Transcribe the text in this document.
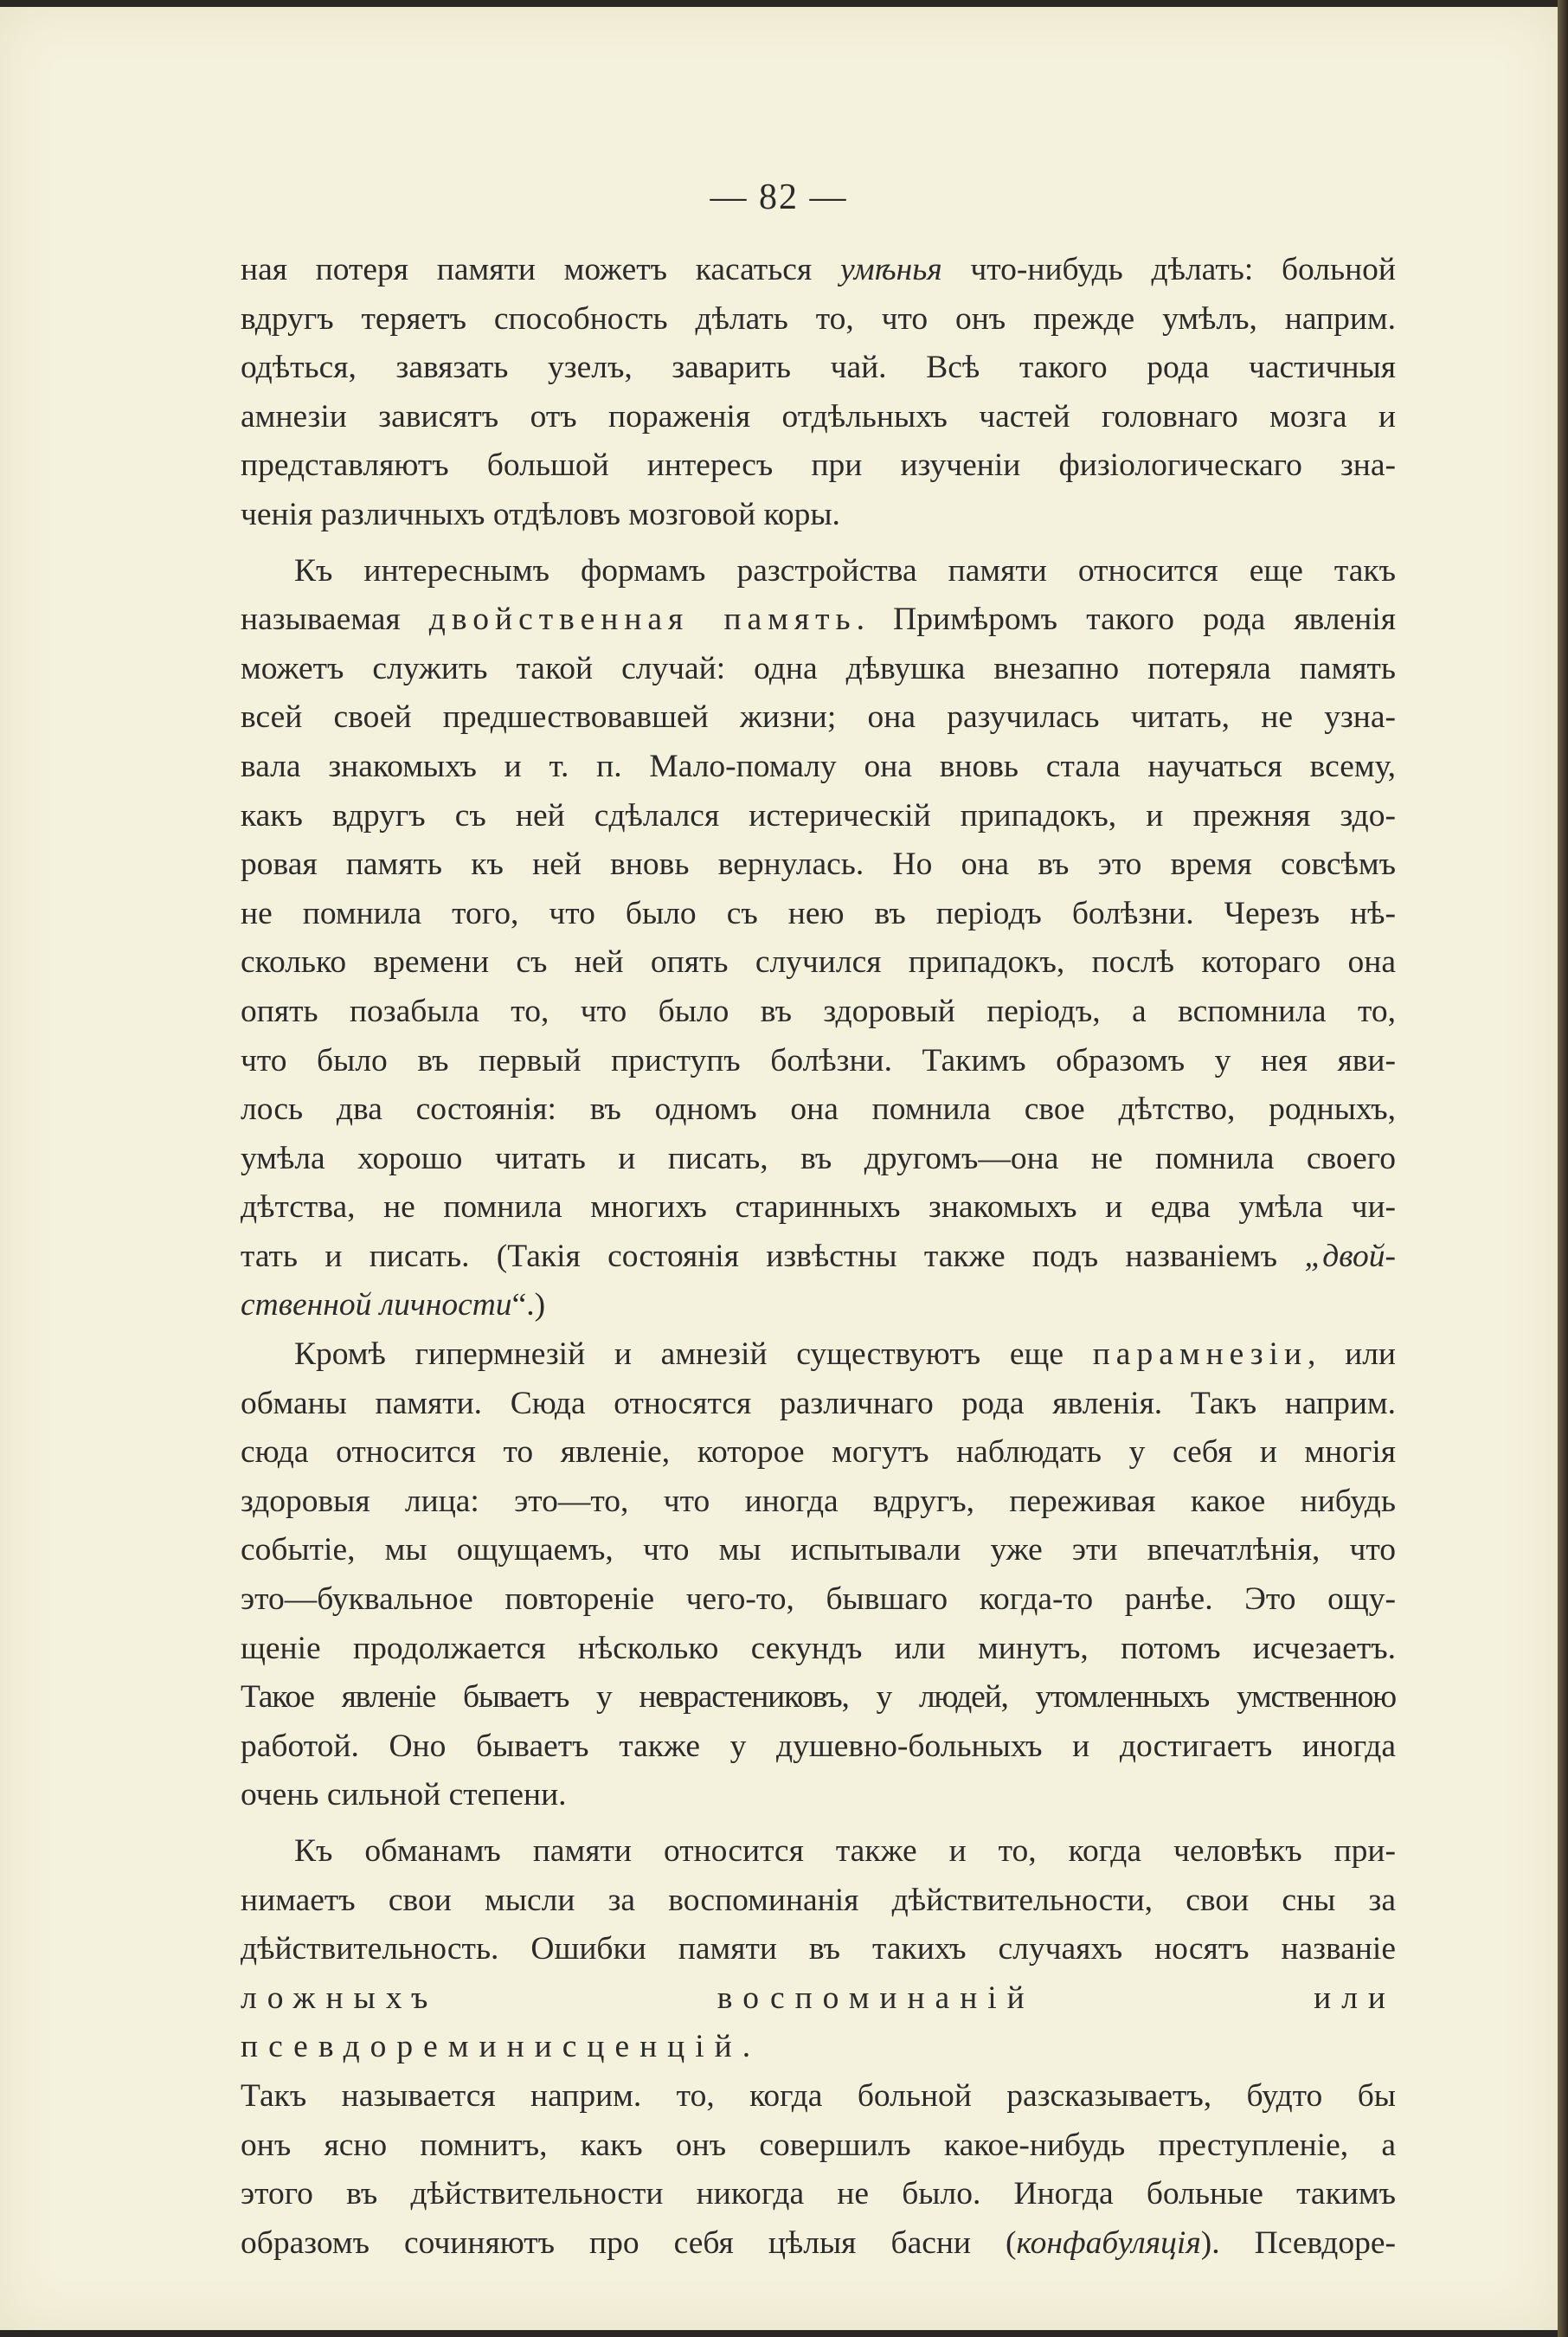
— 82 —

ная потеря памяти можетъ касаться умѣнья что-нибудь дѣлать: больной

вдругъ теряетъ способность дѣлать то, что онъ прежде умѣлъ, наприм.

одѣться, завязать узелъ, заварить чай. Всѣ такого рода частичныя

амнезіи зависятъ отъ пораженія отдѣльныхъ частей головнаго мозга и

представляютъ большой интересъ при изученіи физіологическаго зна-

ченія различныхъ отдѣловъ мозговой коры.

Къ интереснымъ формамъ разстройства памяти относится еще такъ

называемая двойственная память. Примѣромъ такого рода явленія

можетъ служить такой случай: одна дѣвушка внезапно потеряла память

всей своей предшествовавшей жизни; она разучилась читать, не узна-

вала знакомыхъ и т. п. Мало-помалу она вновь стала научаться всему,

какъ вдругъ съ ней сдѣлался истерическій припадокъ, и прежняя здо-

ровая память къ ней вновь вернулась. Но она въ это время совсѣмъ

не помнила того, что было съ нею въ періодъ болѣзни. Черезъ нѣ-

сколько времени съ ней опять случился припадокъ, послѣ котораго она

опять позабыла то, что было въ здоровый періодъ, а вспомнила то,

что было въ первый приступъ болѣзни. Такимъ образомъ у нея яви-

лось два состоянія: въ одномъ она помнила свое дѣтство, родныхъ,

умѣла хорошо читать и писать, въ другомъ—она не помнила своего

дѣтства, не помнила многихъ старинныхъ знакомыхъ и едва умѣла чи-

тать и писать. (Такія состоянія извѣстны также подъ названіемъ „двой-

ственной личности“.)

Кромѣ гипермнезій и амнезій существуютъ еще парамнезіи, или

обманы памяти. Сюда относятся различнаго рода явленія. Такъ наприм.

сюда относится то явленіе, которое могутъ наблюдать у себя и многія

здоровыя лица: это—то, что иногда вдругъ, переживая какое нибудь

событіе, мы ощущаемъ, что мы испытывали уже эти впечатлѣнія, что

это—буквальное повтореніе чего-то, бывшаго когда-то ранѣе. Это ощу-

щеніе продолжается нѣсколько секундъ или минутъ, потомъ исчезаетъ.

Такое явленіе бываетъ у неврастениковъ, у людей, утомленныхъ умственною

работой. Оно бываетъ также у душевно-больныхъ и достигаетъ иногда

очень сильной степени.

Къ обманамъ памяти относится также и то, когда человѣкъ при-

нимаетъ свои мысли за воспоминанія дѣйствительности, свои сны за

дѣйствительность. Ошибки памяти въ такихъ случаяхъ носятъ названіе

ложныхъ воспоминаній или псевдореминисценцій.

Такъ называется наприм. то, когда больной разсказываетъ, будто бы

онъ ясно помнитъ, какъ онъ совершилъ какое-нибудь преступленіе, а

этого въ дѣйствительности никогда не было. Иногда больные такимъ

образомъ сочиняютъ про себя цѣлыя басни (конфабуляція). Псевдоре-
